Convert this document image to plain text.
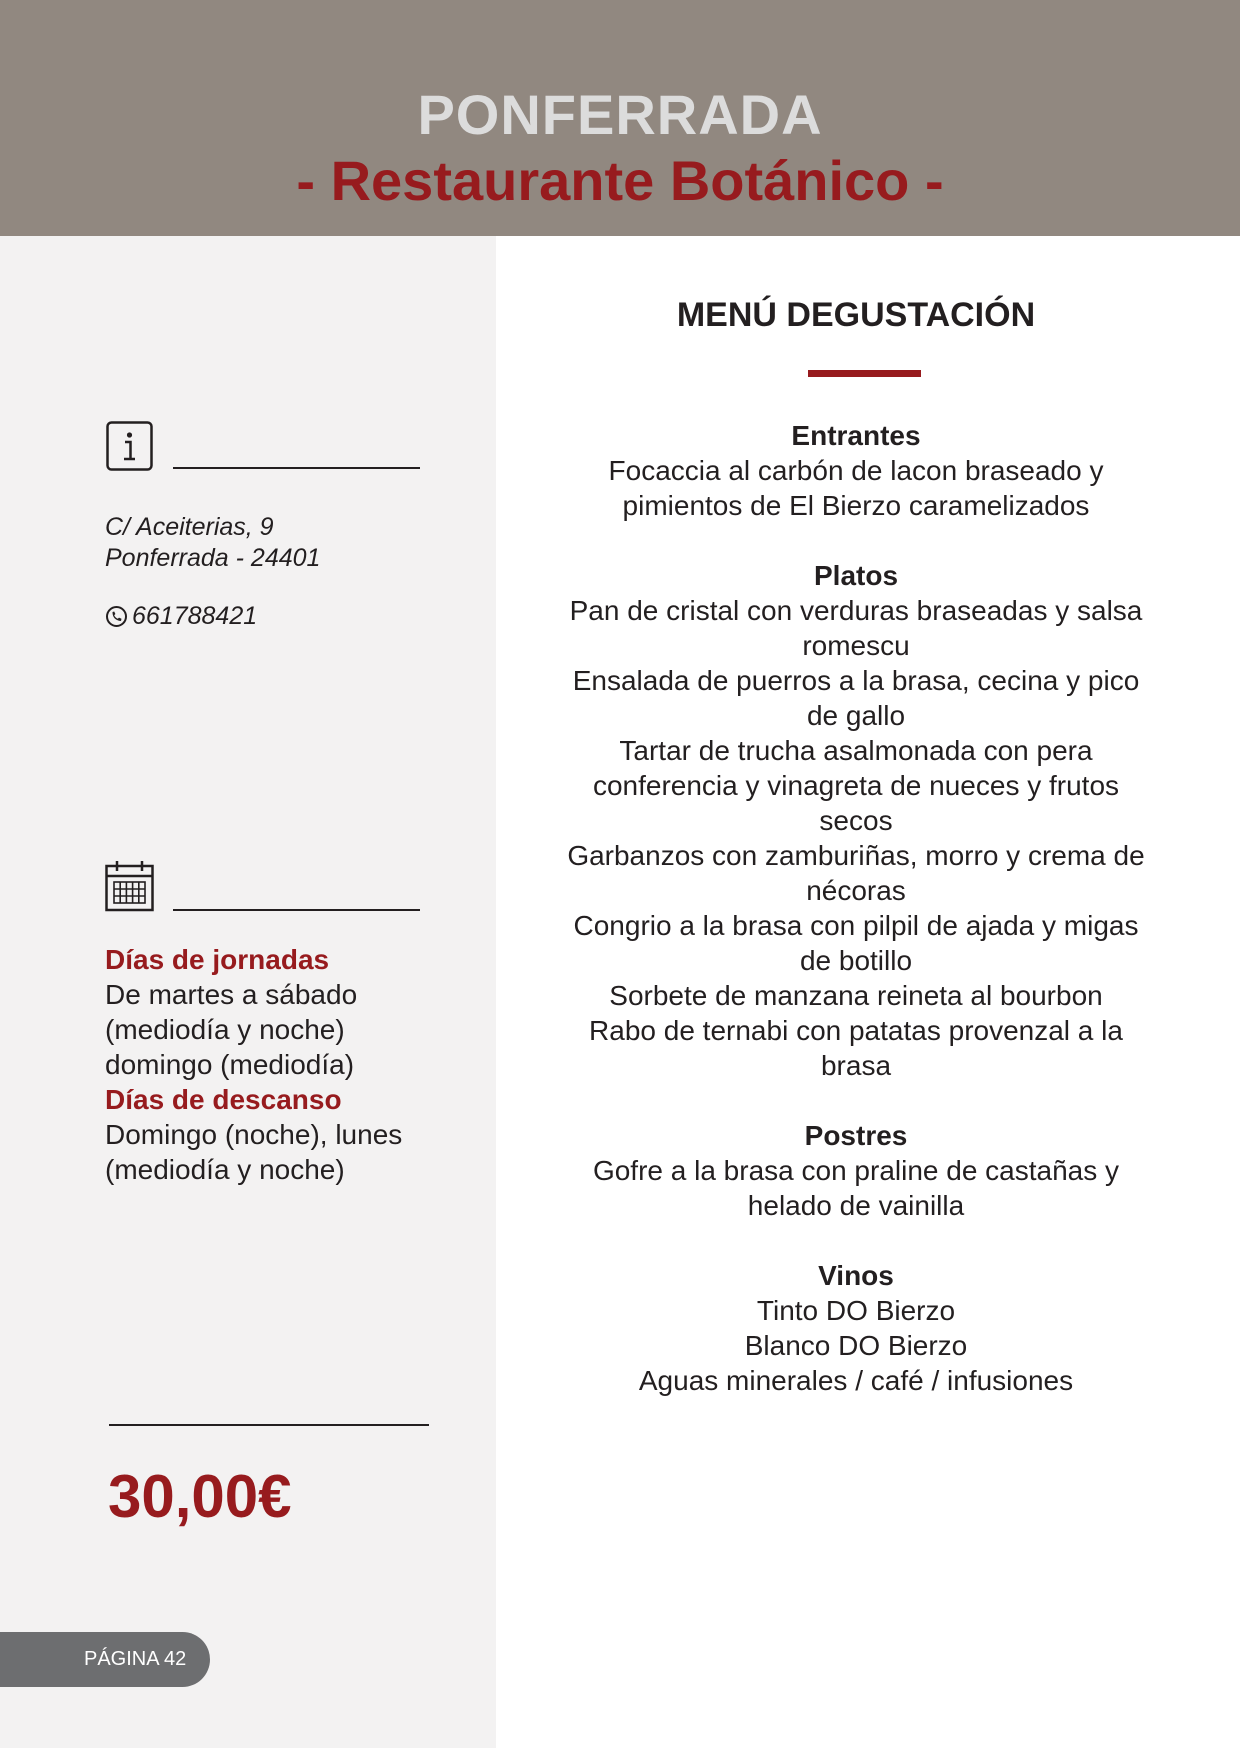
PONFERRADA
- Restaurante Botánico -
C/ Aceiterias, 9
Ponferrada - 24401
661788421
Días de jornadas
De martes a sábado
(mediodía y noche)
domingo (mediodía)
Días de descanso
Domingo (noche), lunes
(mediodía y noche)
30,00€
PÁGINA 42
MENÚ DEGUSTACIÓN
Entrantes
Focaccia al carbón de lacon braseado y
pimientos de El Bierzo caramelizados
Platos
Pan de cristal con verduras braseadas y salsa
romescu
Ensalada de puerros a la brasa, cecina y pico
de gallo
Tartar de trucha asalmonada con pera
conferencia y vinagreta de nueces y frutos
secos
Garbanzos con zamburiñas, morro y crema de
nécoras
Congrio a la brasa con pilpil de ajada y migas
de botillo
Sorbete de manzana reineta al bourbon
Rabo de ternabi con patatas provenzal a la
brasa
Postres
Gofre a la brasa con praline de castañas y
helado de vainilla
Vinos
Tinto DO Bierzo
Blanco DO Bierzo
Aguas minerales / café / infusiones
